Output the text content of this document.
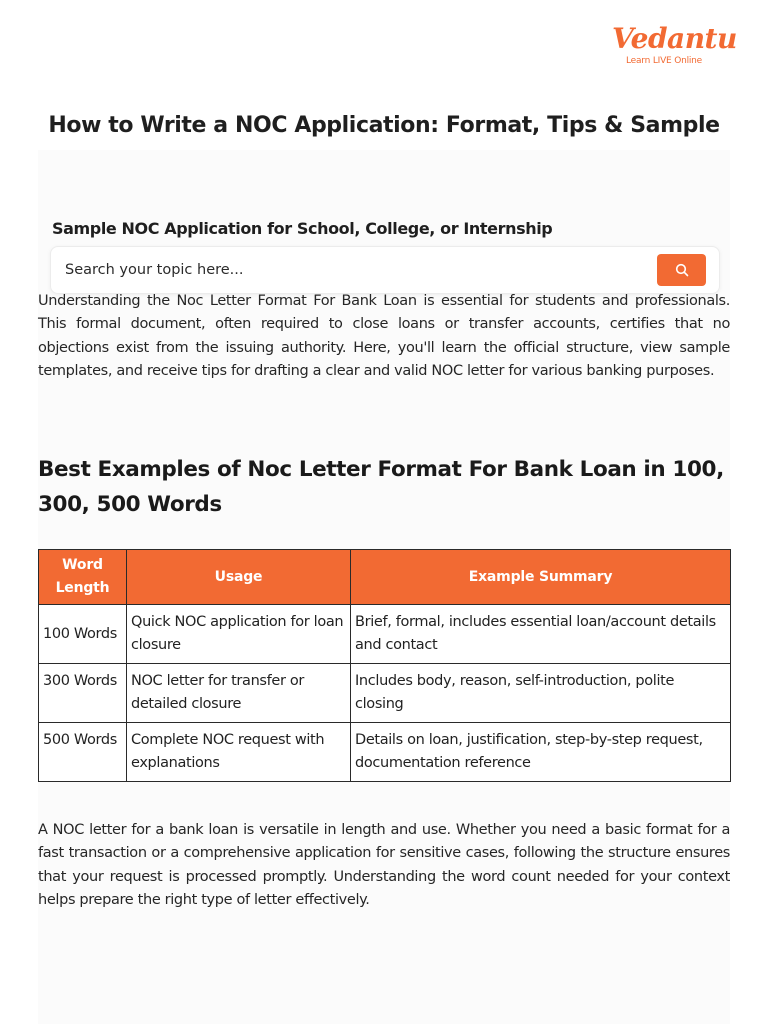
Vedantu
Learn LIVE Online
How to Write a NOC Application: Format, Tips & Sample
Sample NOC Application for School, College, or Internship
Search your topic here...

Understanding the Noc Letter Format For Bank Loan is essential for students and professionals. This formal document, often required to close loans or transfer accounts, certifies that no objections exist from the issuing authority. Here, you'll learn the official structure, view sample templates, and receive tips for drafting a clear and valid NOC letter for various banking purposes.

Best Examples of Noc Letter Format For Bank Loan in 100, 300, 500 Words
Word Length	Usage	Example Summary
100 Words	Quick NOC application for loan closure	Brief, formal, includes essential loan/account details and contact
300 Words	NOC letter for transfer or detailed closure	Includes body, reason, self-introduction, polite closing
500 Words	Complete NOC request with explanations	Details on loan, justification, step-by-step request, documentation reference

A NOC letter for a bank loan is versatile in length and use. Whether you need a basic format for a fast transaction or a comprehensive application for sensitive cases, following the structure ensures that your request is processed promptly. Understanding the word count needed for your context helps prepare the right type of letter effectively.
